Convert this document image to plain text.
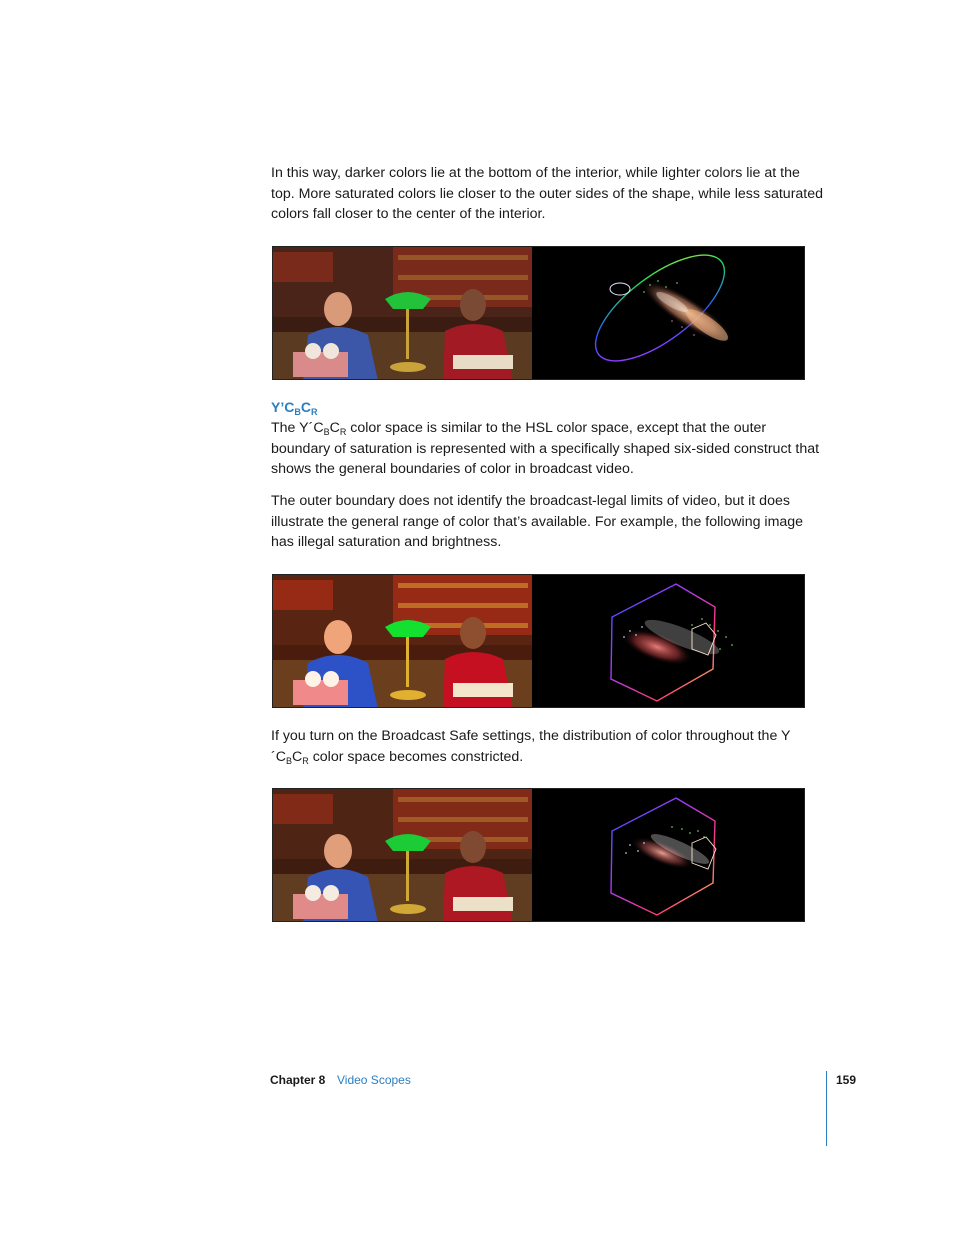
In this way, darker colors lie at the bottom of the interior, while lighter colors lie at the top. More saturated colors lie closer to the outer sides of the shape, while less saturated colors fall closer to the center of the interior.

$Y’C_BC_R$

The $Y´C_BC_R$ color space is similar to the HSL color space, except that the outer boundary of saturation is represented with a specifically shaped six-sided construct that shows the general boundaries of color in broadcast video.

The outer boundary does not identify the broadcast-legal limits of video, but it does illustrate the general range of color that’s available. For example, the following image has illegal saturation and brightness.

If you turn on the Broadcast Safe settings, the distribution of color throughout the $Y´C_BC_R$ color space becomes constricted.

Chapter 8 Video Scopes	159
